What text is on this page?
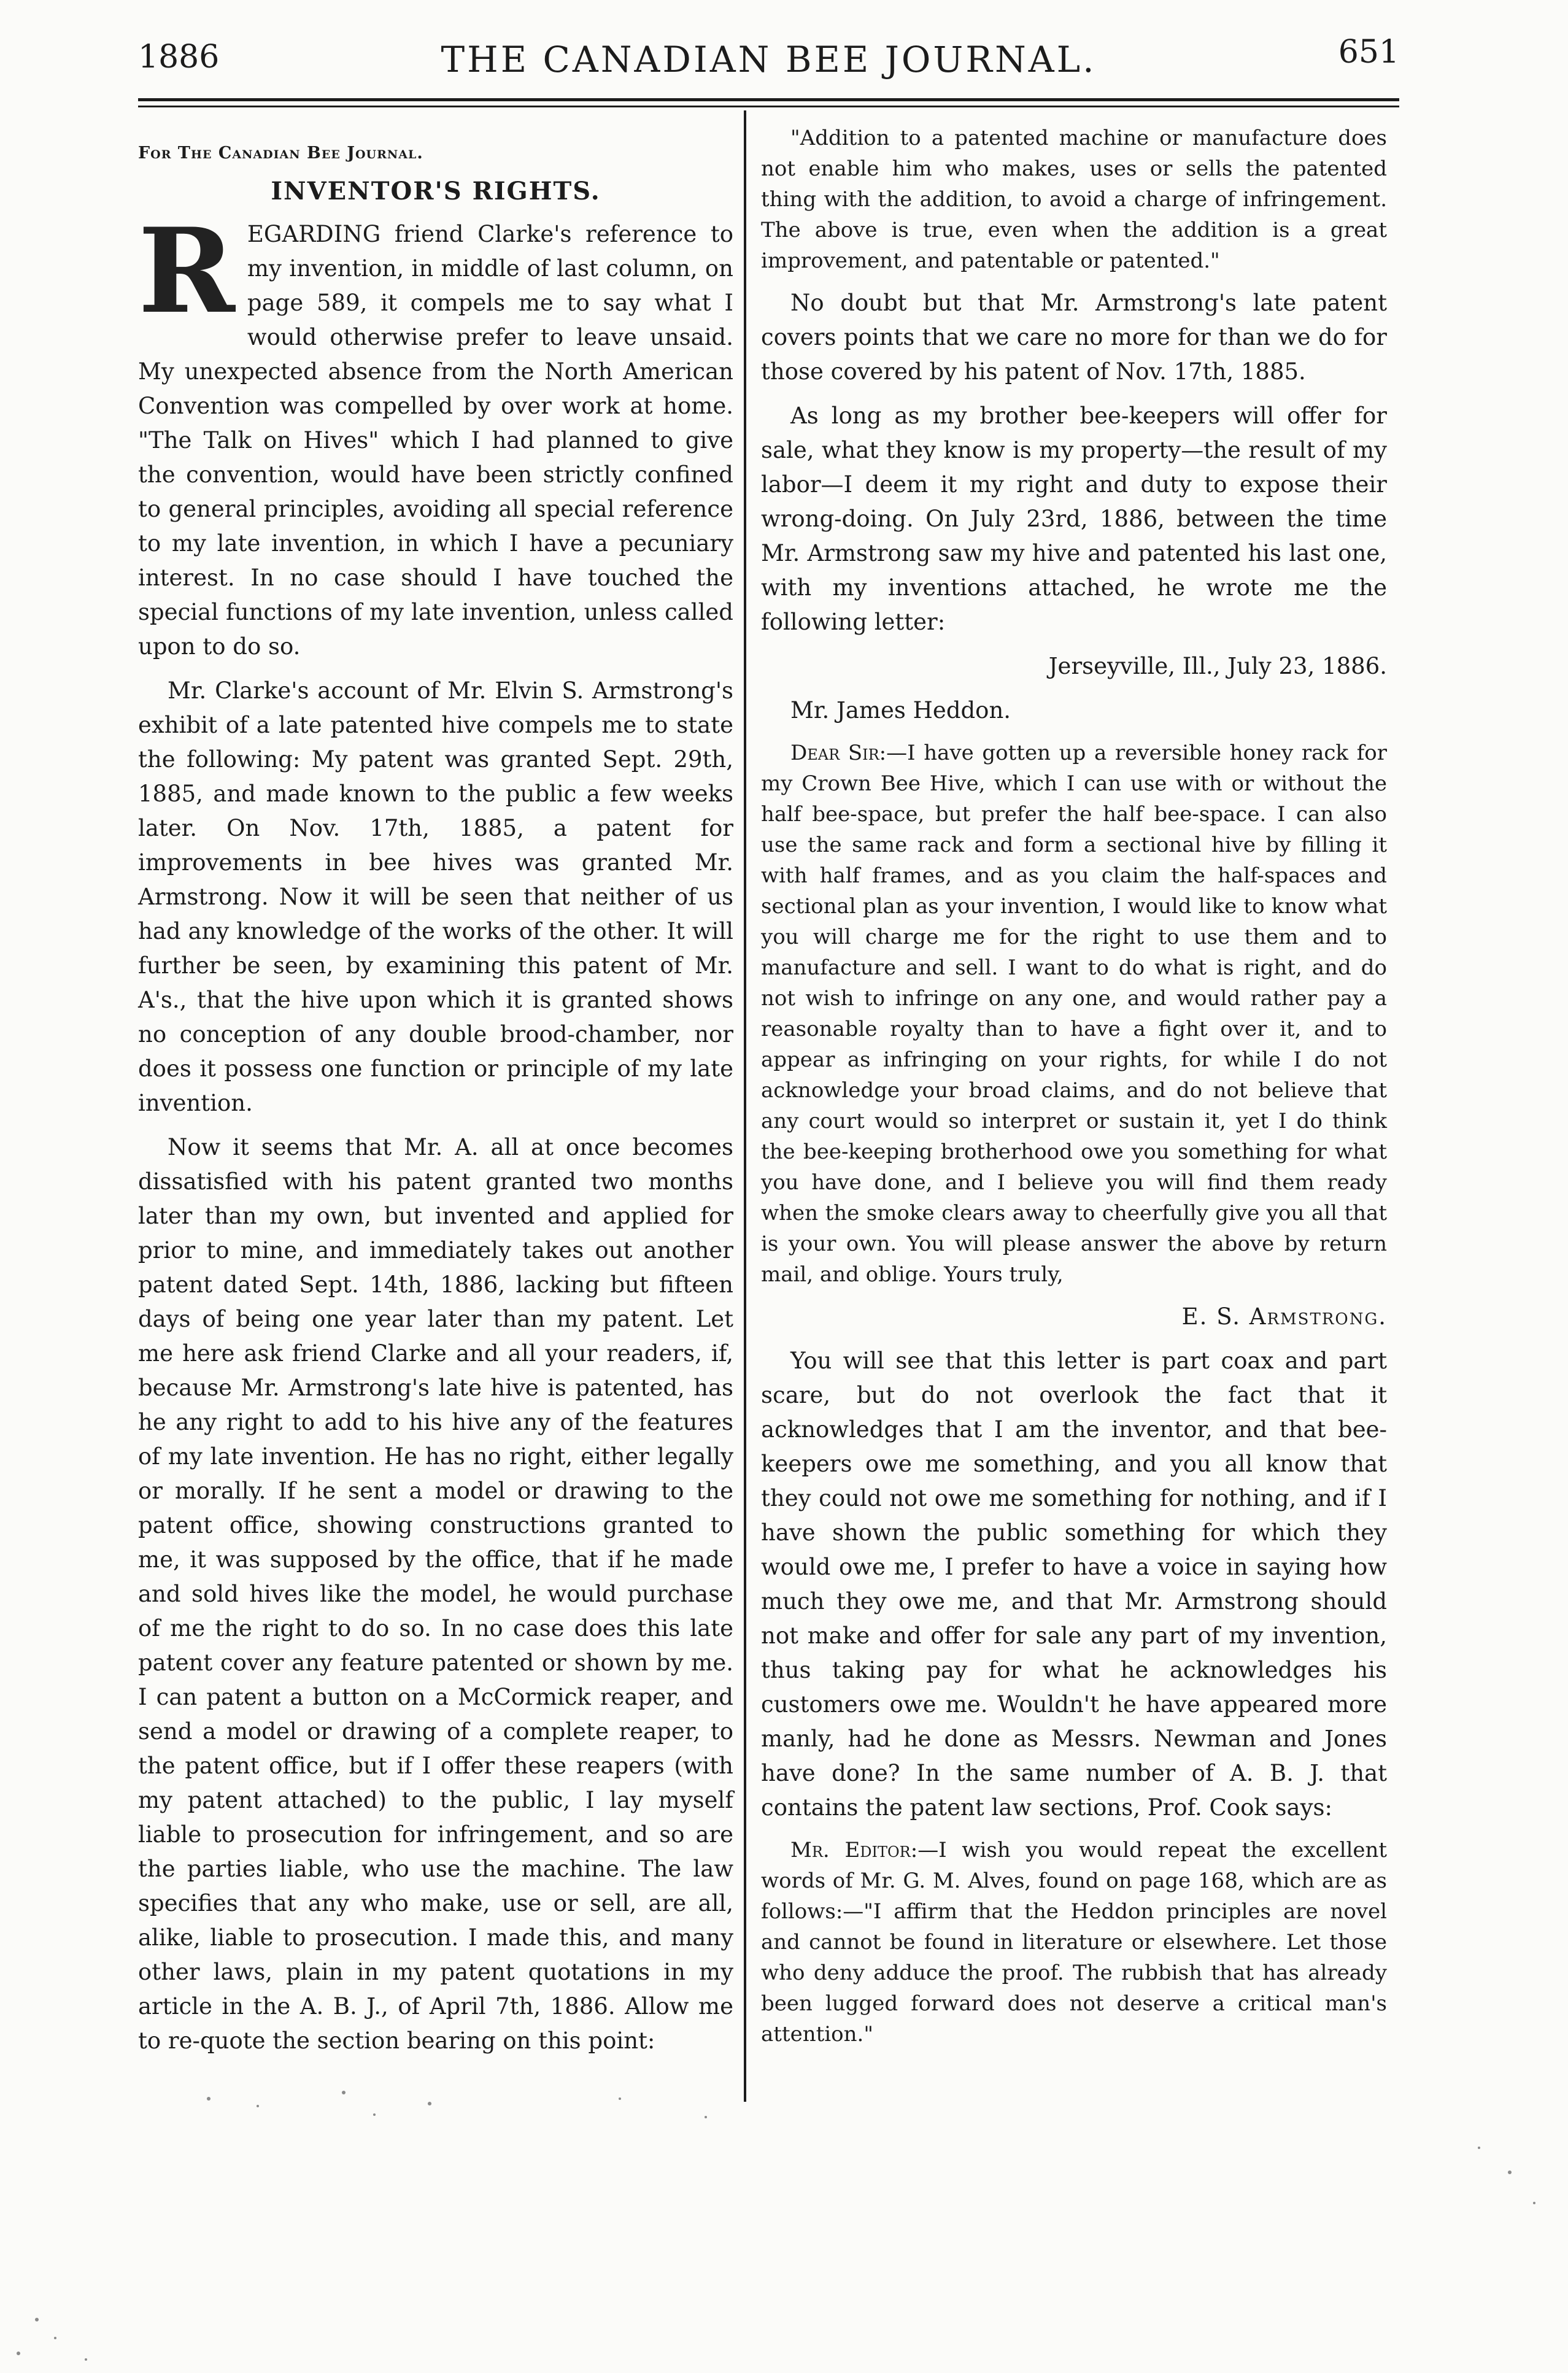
1886	THE CANADIAN BEE JOURNAL.	651
For The Canadian Bee Journal.
INVENTOR'S RIGHTS.

REGARDING friend Clarke's reference to my invention, in middle of last column, on page 589, it compels me to say what I would otherwise prefer to leave unsaid. My unexpected absence from the North American Convention was compelled by over work at home. "The Talk on Hives" which I had planned to give the convention, would have been strictly confined to general principles, avoiding all special reference to my late invention, in which I have a pecuniary interest. In no case should I have touched the special functions of my late invention, unless called upon to do so.

Mr. Clarke's account of Mr. Elvin S. Armstrong's exhibit of a late patented hive compels me to state the following: My patent was granted Sept. 29th, 1885, and made known to the public a few weeks later. On Nov. 17th, 1885, a patent for improvements in bee hives was granted Mr. Armstrong. Now it will be seen that neither of us had any knowledge of the works of the other. It will further be seen, by examining this patent of Mr. A's., that the hive upon which it is granted shows no conception of any double brood-chamber, nor does it possess one function or principle of my late invention.

Now it seems that Mr. A. all at once becomes dissatisfied with his patent granted two months later than my own, but invented and applied for prior to mine, and immediately takes out another patent dated Sept. 14th, 1886, lacking but fifteen days of being one year later than my patent. Let me here ask friend Clarke and all your readers, if, because Mr. Armstrong's late hive is patented, has he any right to add to his hive any of the features of my late invention. He has no right, either legally or morally. If he sent a model or drawing to the patent office, showing constructions granted to me, it was supposed by the office, that if he made and sold hives like the model, he would purchase of me the right to do so. In no case does this late patent cover any feature patented or shown by me. I can patent a button on a McCormick reaper, and send a model or drawing of a complete reaper, to the patent office, but if I offer these reapers (with my patent attached) to the public, I lay myself liable to prosecution for infringement, and so are the parties liable, who use the machine. The law specifies that any who make, use or sell, are all, alike, liable to prosecution. I made this, and many other laws, plain in my patent quotations in my article in the A. B. J., of April 7th, 1886. Allow me to re-quote the section bearing on this point:

"Addition to a patented machine or manufacture does not enable him who makes, uses or sells the patented thing with the addition, to avoid a charge of infringement. The above is true, even when the addition is a great improvement, and patentable or patented."

No doubt but that Mr. Armstrong's late patent covers points that we care no more for than we do for those covered by his patent of Nov. 17th, 1885.

As long as my brother bee-keepers will offer for sale, what they know is my property—the result of my labor—I deem it my right and duty to expose their wrong-doing. On July 23rd, 1886, between the time Mr. Armstrong saw my hive and patented his last one, with my inventions attached, he wrote me the following letter:

Jerseyville, Ill., July 23, 1886.

Mr. James Heddon.

Dear Sir:—I have gotten up a reversible honey rack for my Crown Bee Hive, which I can use with or without the half bee-space, but prefer the half bee-space. I can also use the same rack and form a sectional hive by filling it with half frames, and as you claim the half-spaces and sectional plan as your invention, I would like to know what you will charge me for the right to use them and to manufacture and sell. I want to do what is right, and do not wish to infringe on any one, and would rather pay a reasonable royalty than to have a fight over it, and to appear as infringing on your rights, for while I do not acknowledge your broad claims, and do not believe that any court would so interpret or sustain it, yet I do think the bee-keeping brotherhood owe you something for what you have done, and I believe you will find them ready when the smoke clears away to cheerfully give you all that is your own. You will please answer the above by return mail, and oblige. Yours truly,

E. S. Armstrong.

You will see that this letter is part coax and part scare, but do not overlook the fact that it acknowledges that I am the inventor, and that bee-keepers owe me something, and you all know that they could not owe me something for nothing, and if I have shown the public something for which they would owe me, I prefer to have a voice in saying how much they owe me, and that Mr. Armstrong should not make and offer for sale any part of my invention, thus taking pay for what he acknowledges his customers owe me. Wouldn't he have appeared more manly, had he done as Messrs. Newman and Jones have done? In the same number of A. B. J. that contains the patent law sections, Prof. Cook says:

Mr. Editor:—I wish you would repeat the excellent words of Mr. G. M. Alves, found on page 168, which are as follows:—"I affirm that the Heddon principles are novel and cannot be found in literature or elsewhere. Let those who deny adduce the proof. The rubbish that has already been lugged forward does not deserve a critical man's attention."
